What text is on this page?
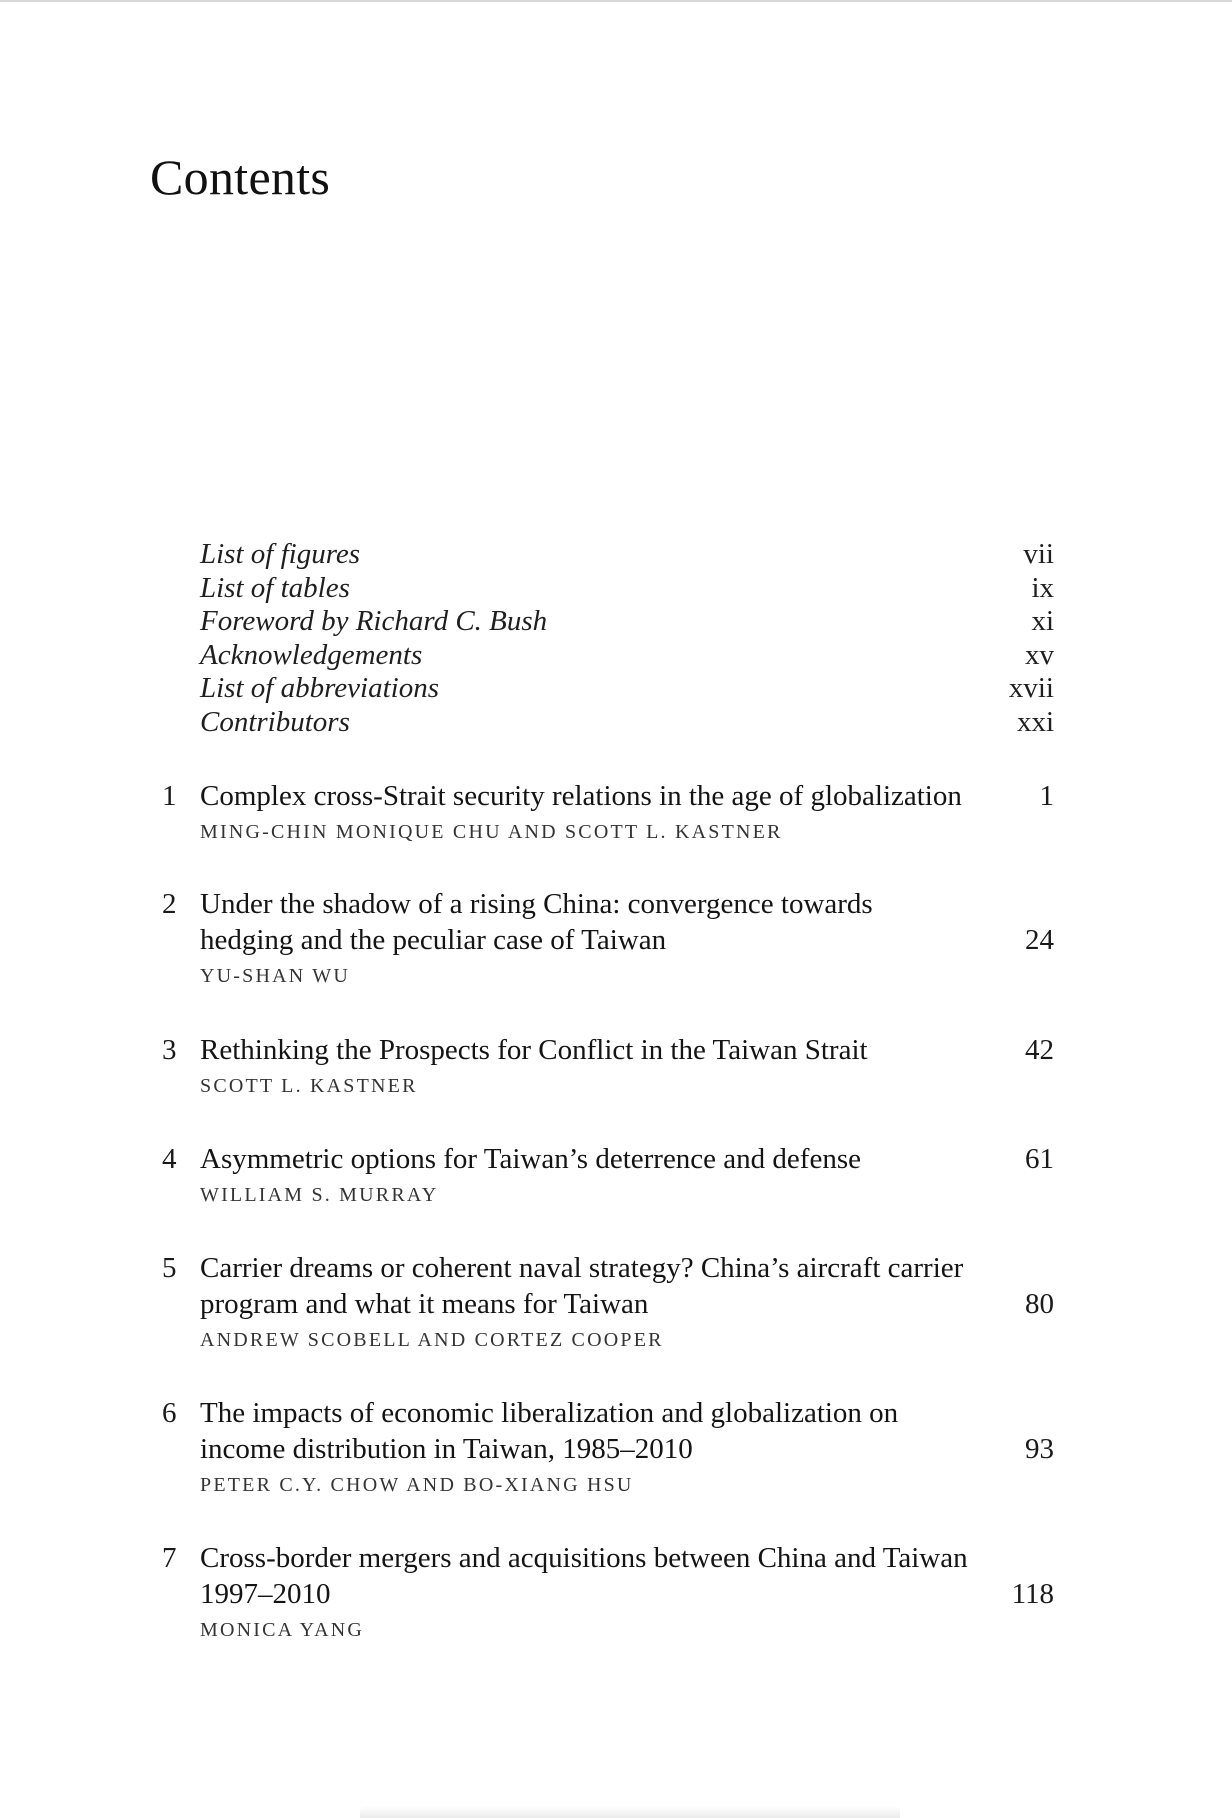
Contents
List of figures	vii
List of tables	ix
Foreword by Richard C. Bush	xi
Acknowledgements	xv
List of abbreviations	xvii
Contributors	xxi
1 Complex cross-Strait security relations in the age of globalization	1
MING-CHIN MONIQUE CHU AND SCOTT L. KASTNER
2 Under the shadow of a rising China: convergence towards hedging and the peculiar case of Taiwan	24
YU-SHAN WU
3 Rethinking the Prospects for Conflict in the Taiwan Strait	42
SCOTT L. KASTNER
4 Asymmetric options for Taiwan’s deterrence and defense	61
WILLIAM S. MURRAY
5 Carrier dreams or coherent naval strategy? China’s aircraft carrier program and what it means for Taiwan	80
ANDREW SCOBELL AND CORTEZ COOPER
6 The impacts of economic liberalization and globalization on income distribution in Taiwan, 1985–2010	93
PETER C.Y. CHOW AND BO-XIANG HSU
7 Cross-border mergers and acquisitions between China and Taiwan 1997–2010	118
MONICA YANG
